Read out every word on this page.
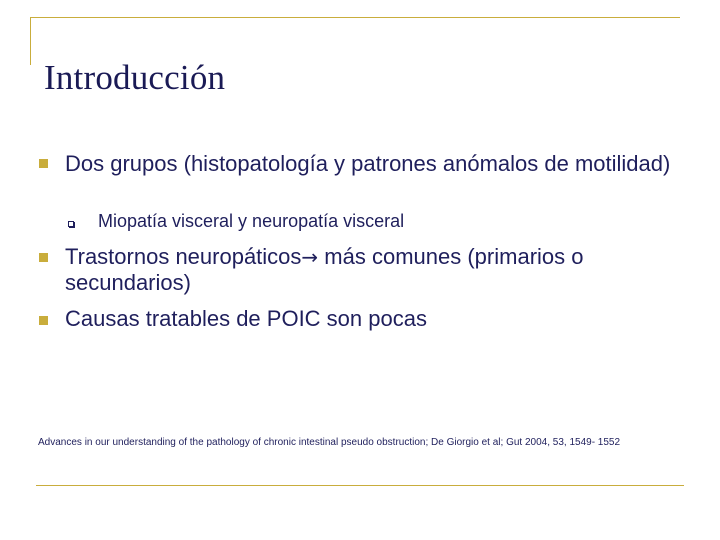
Introducción
Dos grupos (histopatología y patrones anómalos de motilidad)
Miopatía visceral y neuropatía visceral
Trastornos neuropáticos→ más comunes (primarios o secundarios)
Causas tratables de POIC son pocas
Advances in our understanding of the pathology of chronic intestinal pseudo obstruction; De Giorgio et al; Gut 2004, 53, 1549- 1552
